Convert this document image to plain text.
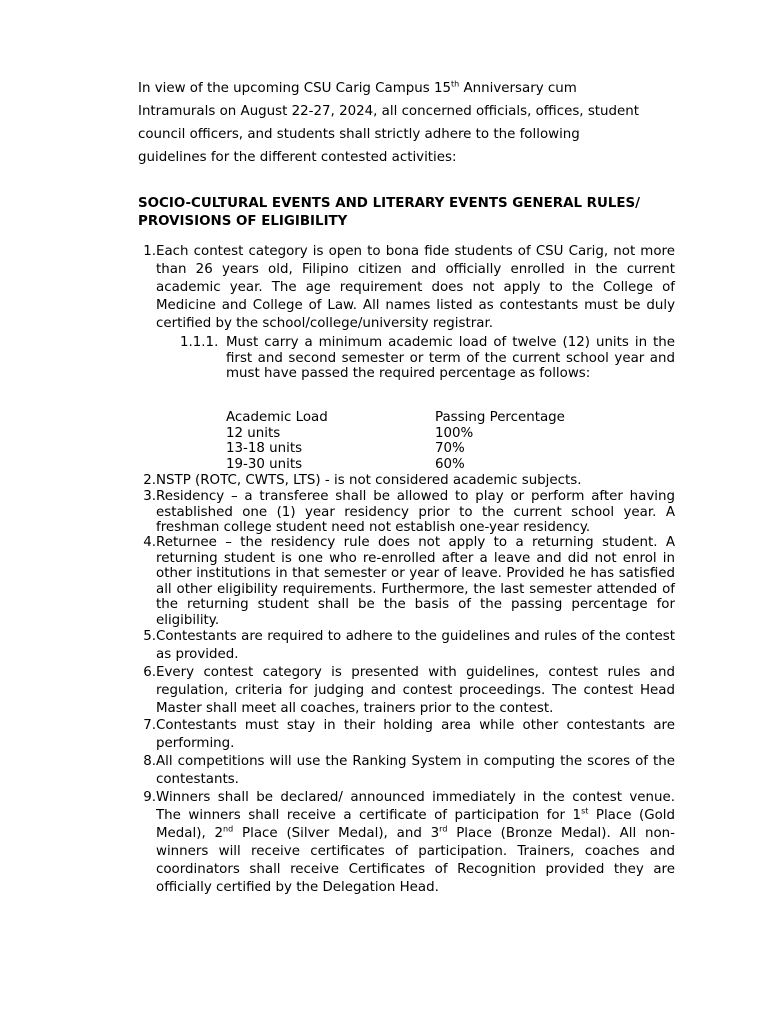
In view of the upcoming CSU Carig Campus 15th Anniversary cum
Intramurals on August 22-27, 2024, all concerned officials, offices, student
council officers, and students shall strictly adhere to the following
guidelines for the different contested activities:
SOCIO-CULTURAL EVENTS AND LITERARY EVENTS GENERAL RULES/ PROVISIONS OF ELIGIBILITY
1. Each contest category is open to bona fide students of CSU Carig, not more than 26 years old, Filipino citizen and officially enrolled in the current academic year. The age requirement does not apply to the College of Medicine and College of Law. All names listed as contestants must be duly certified by the school/college/university registrar.
1.1.1. Must carry a minimum academic load of twelve (12) units in the first and second semester or term of the current school year and must have passed the required percentage as follows:
Academic Load	Passing Percentage
12 units	100%
13-18 units	70%
19-30 units	60%
2. NSTP (ROTC, CWTS, LTS) - is not considered academic subjects.
3. Residency – a transferee shall be allowed to play or perform after having established one (1) year residency prior to the current school year. A freshman college student need not establish one-year residency.
4. Returnee – the residency rule does not apply to a returning student. A returning student is one who re-enrolled after a leave and did not enrol in other institutions in that semester or year of leave. Provided he has satisfied all other eligibility requirements. Furthermore, the last semester attended of the returning student shall be the basis of the passing percentage for eligibility.
5. Contestants are required to adhere to the guidelines and rules of the contest as provided.
6. Every contest category is presented with guidelines, contest rules and regulation, criteria for judging and contest proceedings. The contest Head Master shall meet all coaches, trainers prior to the contest.
7. Contestants must stay in their holding area while other contestants are performing.
8. All competitions will use the Ranking System in computing the scores of the contestants.
9. Winners shall be declared/ announced immediately in the contest venue. The winners shall receive a certificate of participation for 1st Place (Gold Medal), 2nd Place (Silver Medal), and 3rd Place (Bronze Medal). All non-winners will receive certificates of participation. Trainers, coaches and coordinators shall receive Certificates of Recognition provided they are officially certified by the Delegation Head.
